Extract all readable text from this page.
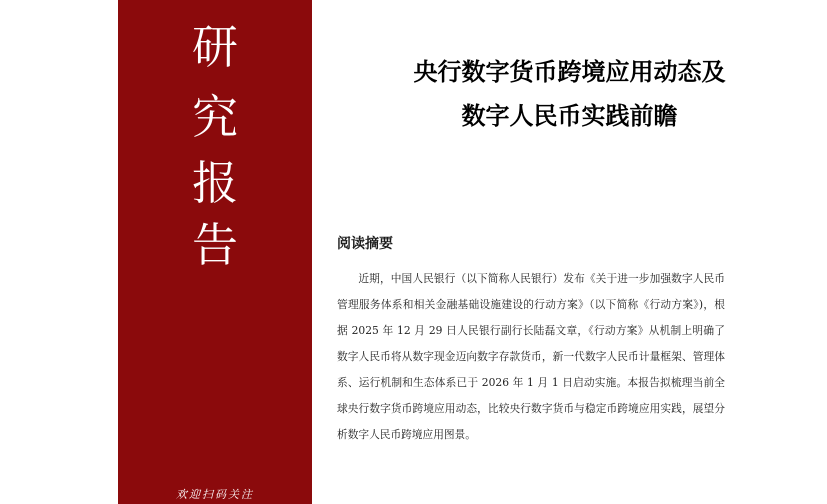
研
究
报
告
欢迎扫码关注
央行数字货币跨境应用动态及
数字人民币实践前瞻
阅读摘要

近期，中国人民银行（以下简称人民银行）发布《关于进一步加强数字人民币管理服务体系和相关金融基础设施建设的行动方案》（以下简称《行动方案》)，根据 2025 年 12 月 29 日人民银行副行长陆磊文章，《行动方案》从机制上明确了数字人民币将从数字现金迈向数字存款货币，新一代数字人民币计量框架、管理体系、运行机制和生态体系已于 2026 年 1 月 1 日启动实施。本报告拟梳理当前全球央行数字货币跨境应用动态，比较央行数字货币与稳定币跨境应用实践，展望分析数字人民币跨境应用图景。
